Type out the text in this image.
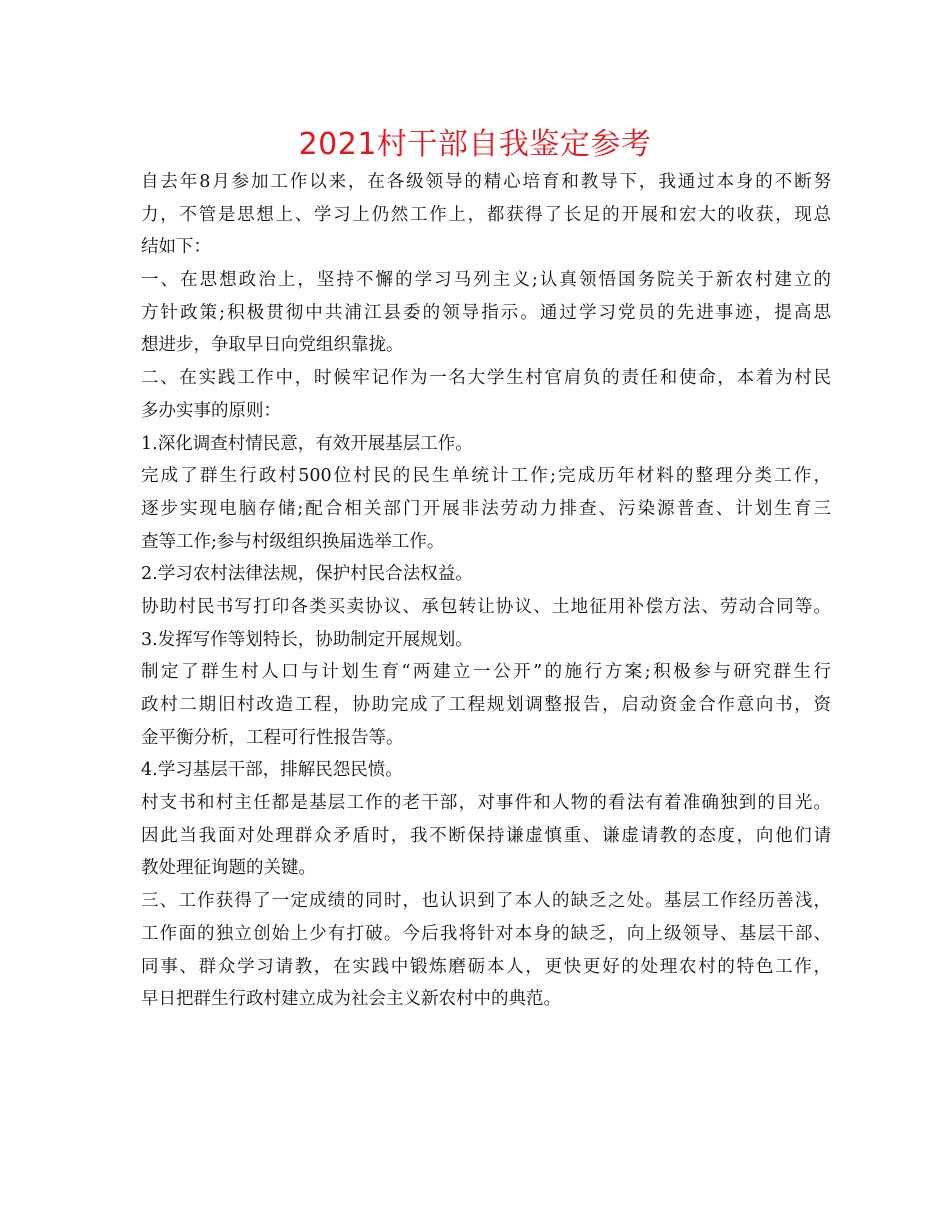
2021村干部自我鉴定参考
自去年8月参加工作以来，在各级领导的精心培育和教导下，我通过本身的不断努
力，不管是思想上、学习上仍然工作上，都获得了长足的开展和宏大的收获，现总
结如下：
一、在思想政治上，坚持不懈的学习马列主义;认真领悟国务院关于新农村建立的
方针政策;积极贯彻中共浦江县委的领导指示。通过学习党员的先进事迹，提高思
想进步，争取早日向党组织靠拢。
二、在实践工作中，时候牢记作为一名大学生村官肩负的责任和使命，本着为村民
多办实事的原则：
1.深化调查村情民意，有效开展基层工作。
完成了群生行政村500位村民的民生单统计工作;完成历年材料的整理分类工作，
逐步实现电脑存储;配合相关部门开展非法劳动力排查、污染源普查、计划生育三
查等工作;参与村级组织换届选举工作。
2.学习农村法律法规，保护村民合法权益。
协助村民书写打印各类买卖协议、承包转让协议、土地征用补偿方法、劳动合同等。
3.发挥写作等划特长，协助制定开展规划。
制定了群生村人口与计划生育“两建立一公开”的施行方案;积极参与研究群生行
政村二期旧村改造工程，协助完成了工程规划调整报告，启动资金合作意向书，资
金平衡分析，工程可行性报告等。
4.学习基层干部，排解民怨民愤。
村支书和村主任都是基层工作的老干部，对事件和人物的看法有着准确独到的目光。
因此当我面对处理群众矛盾时，我不断保持谦虚慎重、谦虚请教的态度，向他们请
教处理征询题的关键。
三、工作获得了一定成绩的同时，也认识到了本人的缺乏之处。基层工作经历善浅，
工作面的独立创始上少有打破。今后我将针对本身的缺乏，向上级领导、基层干部、
同事、群众学习请教，在实践中锻炼磨砺本人，更快更好的处理农村的特色工作，
早日把群生行政村建立成为社会主义新农村中的典范。
